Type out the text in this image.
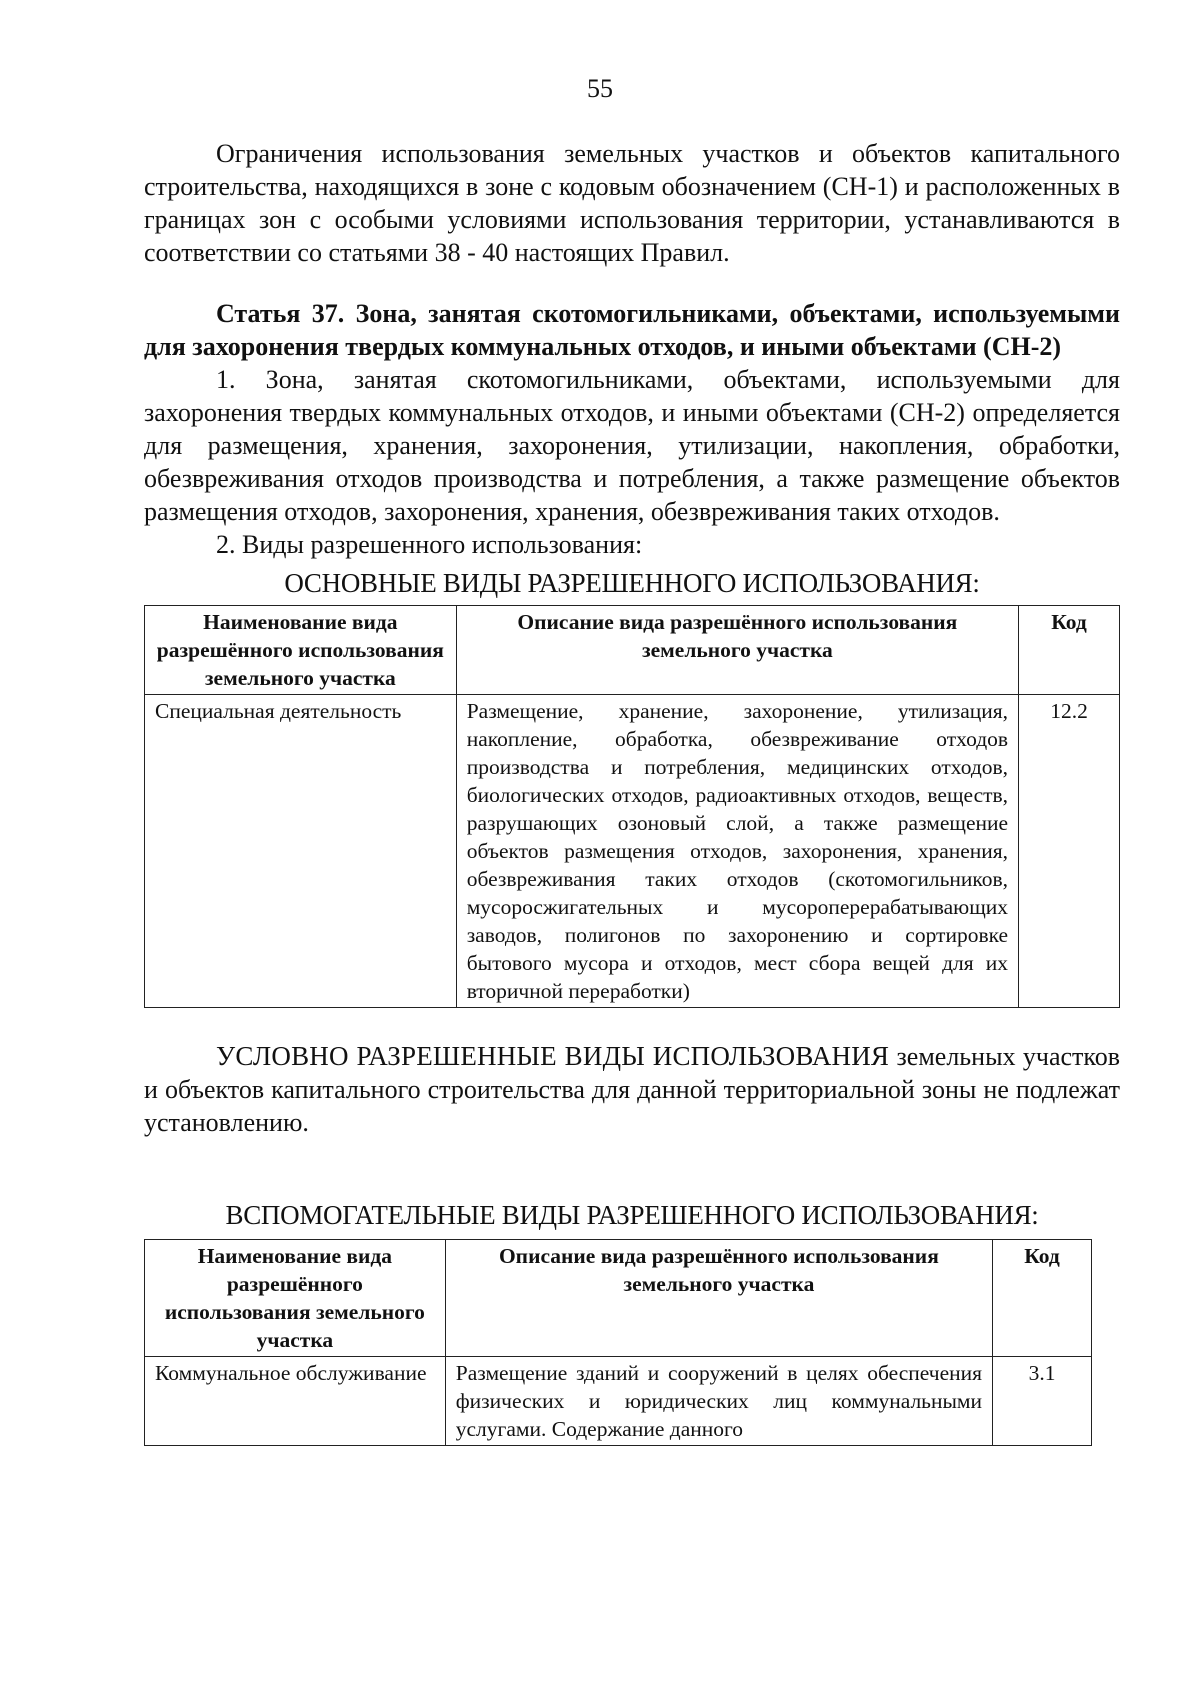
55

Ограничения использования земельных участков и объектов капитального строительства, находящихся в зоне с кодовым обозначением (СН-1) и расположенных в границах зон с особыми условиями использования территории, устанавливаются в соответствии со статьями 38 - 40 настоящих Правил.

Статья 37. Зона, занятая скотомогильниками, объектами, используемыми для захоронения твердых коммунальных отходов, и иными объектами (СН-2)

1. Зона, занятая скотомогильниками, объектами, используемыми для захоронения твердых коммунальных отходов, и иными объектами (СН-2) определяется для размещения, хранения, захоронения, утилизации, накопления, обработки, обезвреживания отходов производства и потребления, а также размещение объектов размещения отходов, захоронения, хранения, обезвреживания таких отходов.

2. Виды разрешенного использования:

ОСНОВНЫЕ ВИДЫ РАЗРЕШЕННОГО ИСПОЛЬЗОВАНИЯ:
Наименование вида разрешённого использования земельного участка	Описание вида разрешённого использования земельного участка	Код
Специальная деятельность	Размещение, хранение, захоронение, утилизация, накопление, обработка, обезвреживание отходов производства и потребления, медицинских отходов, биологических отходов, радиоактивных отходов, веществ, разрушающих озоновый слой, а также размещение объектов размещения отходов, захоронения, хранения, обезвреживания таких отходов (скотомогильников, мусоросжигательных и мусороперерабатывающих заводов, полигонов по захоронению и сортировке бытового мусора и отходов, мест сбора вещей для их вторичной переработки)	12.2
УСЛОВНО РАЗРЕШЕННЫЕ ВИДЫ ИСПОЛЬЗОВАНИЯ земельных участков и объектов капитального строительства для данной территориальной зоны не подлежат установлению.
ВСПОМОГАТЕЛЬНЫЕ ВИДЫ РАЗРЕШЕННОГО ИСПОЛЬЗОВАНИЯ:
Наименование вида разрешённого использования земельного участка	Описание вида разрешённого использования земельного участка	Код
Коммунальное обслуживание	Размещение зданий и сооружений в целях обеспечения физических и юридических лиц коммунальными услугами. Содержание данного	3.1
